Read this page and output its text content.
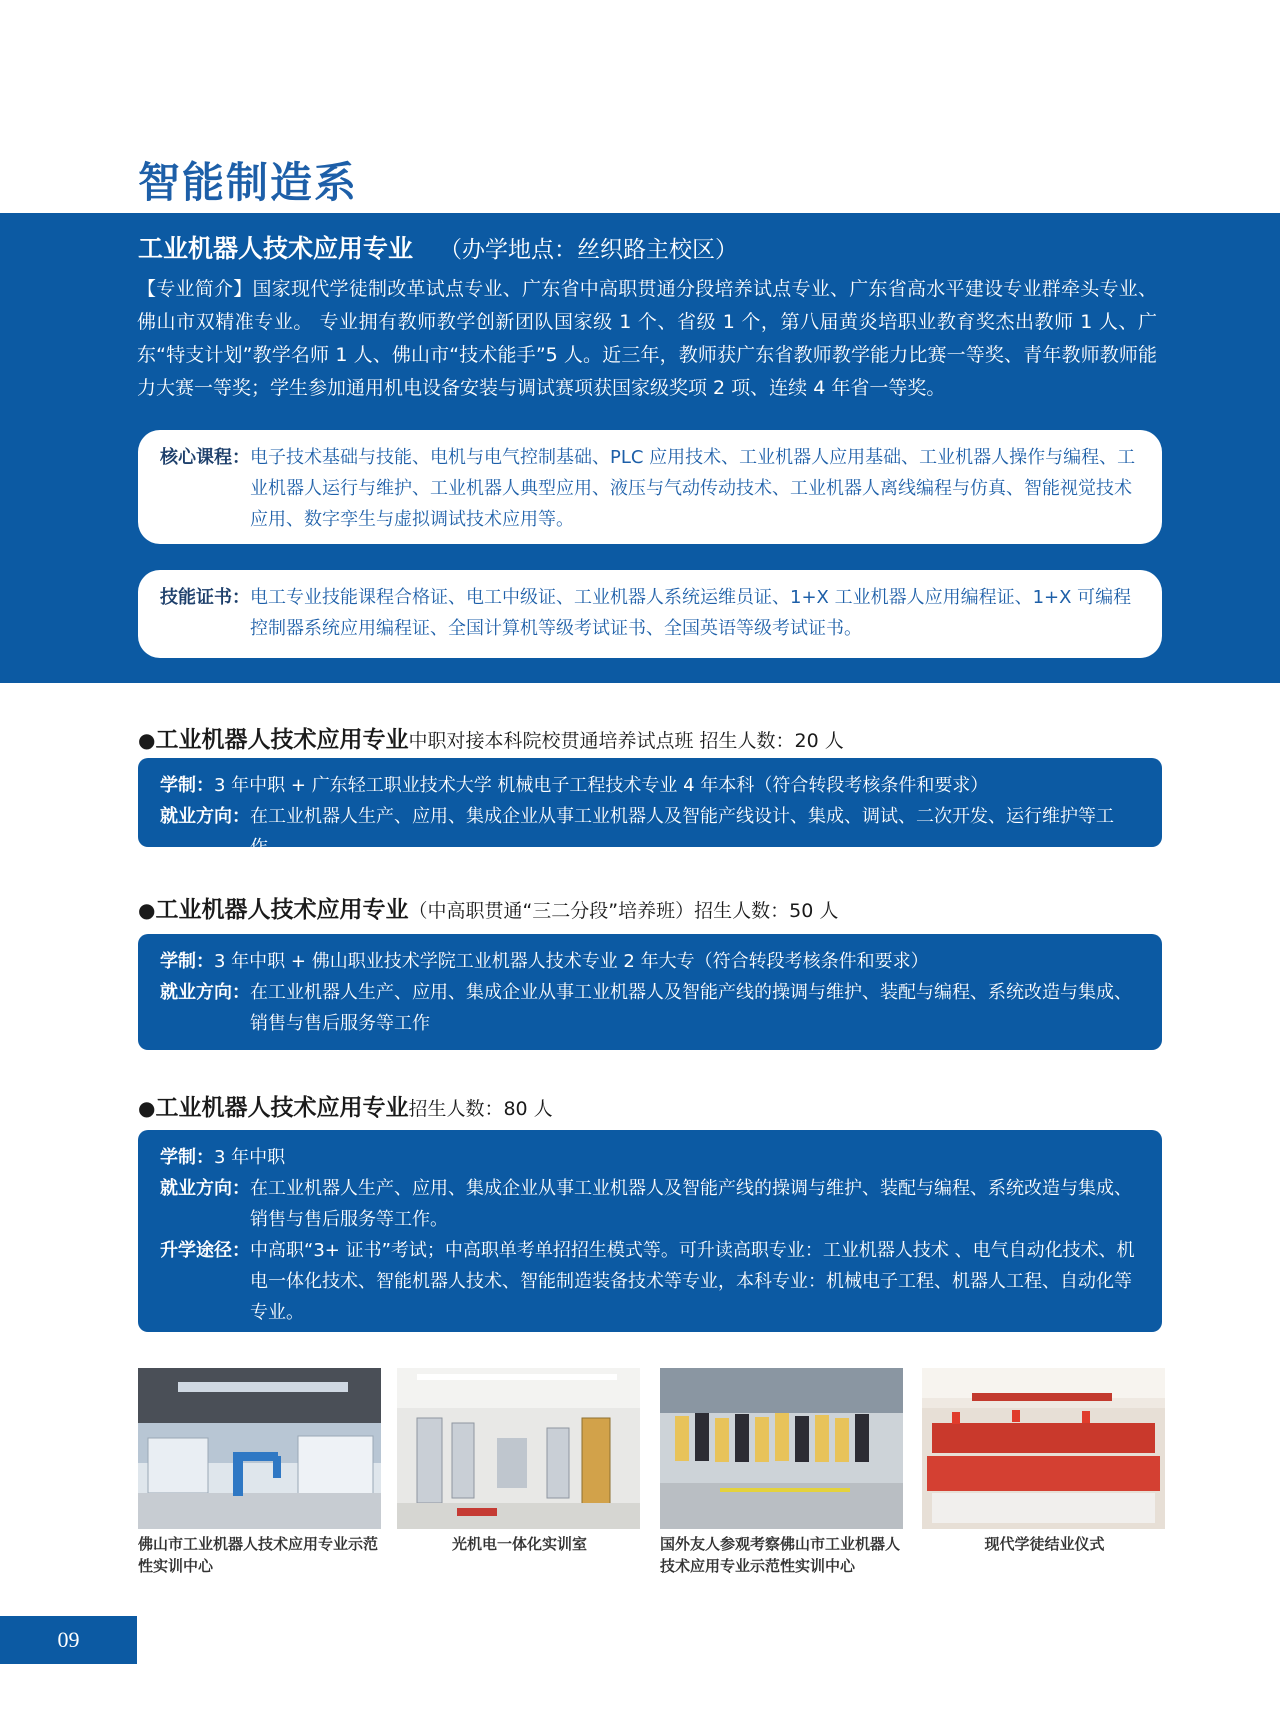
智能制造系
工业机器人技术应用专业 （办学地点：丝织路主校区）
【专业简介】国家现代学徒制改革试点专业、广东省中高职贯通分段培养试点专业、广东省高水平建设专业群牵头专业、佛山市双精准专业。 专业拥有教师教学创新团队国家级 1 个、省级 1 个，第八届黄炎培职业教育奖杰出教师 1 人、广东“特支计划”教学名师 1 人、佛山市“技术能手”5 人。近三年，教师获广东省教师教学能力比赛一等奖、青年教师教师能力大赛一等奖；学生参加通用机电设备安装与调试赛项获国家级奖项 2 项、连续 4 年省一等奖。
核心课程： 电子技术基础与技能、电机与电气控制基础、PLC 应用技术、工业机器人应用基础、工业机器人操作与编程、工业机器人运行与维护、工业机器人典型应用、液压与气动传动技术、工业机器人离线编程与仿真、智能视觉技术应用、数字孪生与虚拟调试技术应用等。
技能证书： 电工专业技能课程合格证、电工中级证、工业机器人系统运维员证、1+X 工业机器人应用编程证、1+X 可编程控制器系统应用编程证、全国计算机等级考试证书、全国英语等级考试证书。
●工业机器人技术应用专业中职对接本科院校贯通培养试点班 招生人数：20 人
学制： 3 年中职 + 广东轻工职业技术大学 机械电子工程技术专业 4 年本科（符合转段考核条件和要求）
就业方向： 在工业机器人生产、应用、集成企业从事工业机器人及智能产线设计、集成、调试、二次开发、运行维护等工作。
●工业机器人技术应用专业（中高职贯通“三二分段”培养班）招生人数：50 人
学制： 3 年中职 + 佛山职业技术学院工业机器人技术专业 2 年大专（符合转段考核条件和要求）
就业方向： 在工业机器人生产、应用、集成企业从事工业机器人及智能产线的操调与维护、装配与编程、系统改造与集成、销售与售后服务等工作
●工业机器人技术应用专业招生人数：80 人
学制： 3 年中职
就业方向： 在工业机器人生产、应用、集成企业从事工业机器人及智能产线的操调与维护、装配与编程、系统改造与集成、销售与售后服务等工作。
升学途径： 中高职“3+ 证书”考试；中高职单考单招招生模式等。可升读高职专业：工业机器人技术 、电气自动化技术、机电一体化技术、智能机器人技术、智能制造装备技术等专业，本科专业：机械电子工程、机器人工程、自动化等专业。
佛山市工业机器人技术应用专业示范性实训中心
光机电一体化实训室	国外友人参观考察佛山市工业机器人技术应用专业示范性实训中心
现代学徒结业仪式
09
